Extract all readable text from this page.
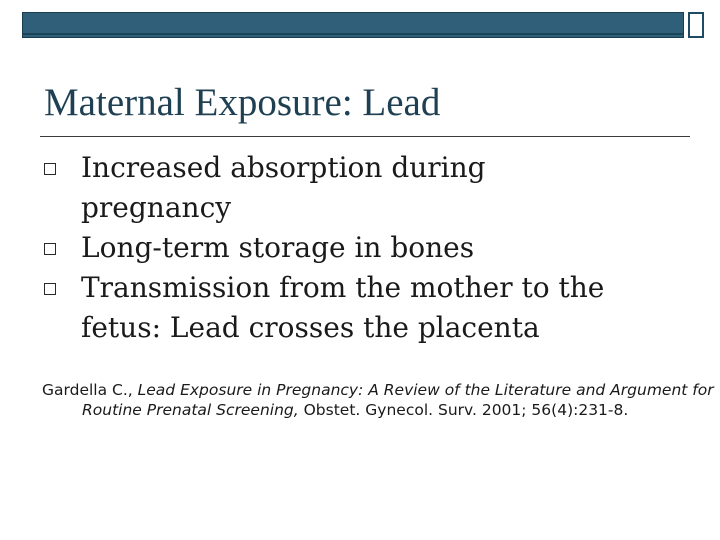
Maternal Exposure: Lead
Increased absorption during pregnancy
Long-term storage in bones
Transmission from the mother to the fetus: Lead crosses the placenta

Gardella C., Lead Exposure in Pregnancy: A Review of the Literature and Argument for Routine Prenatal Screening, Obstet. Gynecol. Surv. 2001; 56(4):231-8.
